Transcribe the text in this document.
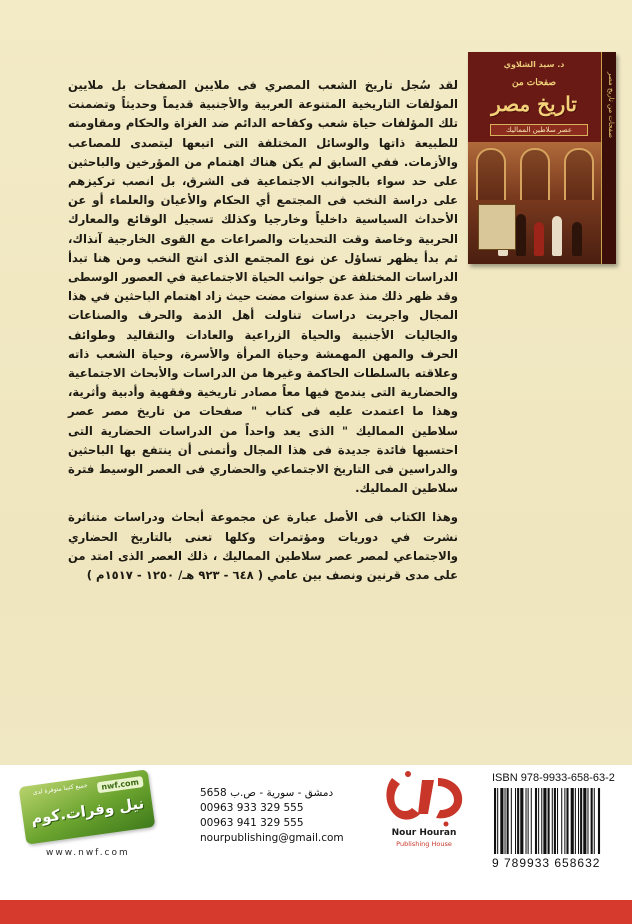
لقد سُجل تاريخ الشعب المصري فى ملايين الصفحات بل ملايين المؤلفات التاريخية المتنوعة العربية والأجنبية قديماً وحديثاً وتضمنت تلك المؤلفات حياة شعب وكفاحه الدائم ضد الغزاة والحكام ومقاومته للطبيعة ذاتها والوسائل المختلفة التى اتبعها ليتصدى للمصاعب والأزمات. ففي السابق لم يكن هناك اهتمام من المؤرخين والباحثين على حد سواء بالجوانب الاجتماعية فى الشرق، بل انصب تركيزهم على دراسة النخب فى المجتمع أي الحكام والأعيان والعلماء أو عن الأحداث السياسية داخلياً وخارجيا وكذلك تسجيل الوقائع والمعارك الحربية وخاصة وقت التحديات والصراعات مع القوى الخارجية آنذاك، ثم بدأ يظهر تساؤل عن نوع المجتمع الذى انتج النخب ومن هنا تبدأ الدراسات المختلفة عن جوانب الحياة الاجتماعية في العصور الوسطى وقد ظهر ذلك منذ عدة سنوات مضت حيث زاد اهتمام الباحثين في هذا المجال واجريت دراسات تناولت أهل الذمة والحرف والصناعات والجاليات الأجنبية والحياة الزراعية والعادات والتقاليد وطوائف الحرف والمهن المهمشة وحياة المرأة والأسرة، وحياة الشعب ذاته وعلاقته بالسلطات الحاكمة وغيرها من الدراسات والأبحاث الاجتماعية والحضارية التى يندمج فيها معاً مصادر تاريخية وفقهية وأدبية وأثرية، وهذا ما اعتمدت عليه فى كتاب " صفحات من تاريخ مصر عصر سلاطين المماليك " الذى يعد واحداً من الدراسات الحضارية التى احتسبها فائدة جديدة فى هذا المجال وأتمنى أن ينتفع بها الباحثين والدراسين فى التاريخ الاجتماعي والحضاري فى العصر الوسيط فترة سلاطين المماليك.

وهذا الكتاب فى الأصل عبارة عن مجموعة أبحاث ودراسات متناثرة نشرت في دوريات ومؤتمرات وكلها تعنى بالتاريخ الحضاري والاجتماعي لمصر عصر سلاطين المماليك ، ذلك العصر الذى امتد من على مدى قرنين ونصف بين عامي ( ٦٤٨ - ٩٢٣ هـ/ ١٢٥٠ - ١٥١٧م )

د. سيد الشلاوي
صفحات من
تاريخ مصر
عصر سلاطين المماليك	صفحات من تاريخ مصر
جميع كتبنا متوفرة لدى	nwf.com
نيل وفرات.كوم
www.nwf.com
دمشق - سورية - ص.ب 5658
00963 933 329 555
00963 941 329 555
nourpublishing@gmail.com	Nour Houran
Publishing House
ISBN 978-9933-658-63-2
9 789933 658632
